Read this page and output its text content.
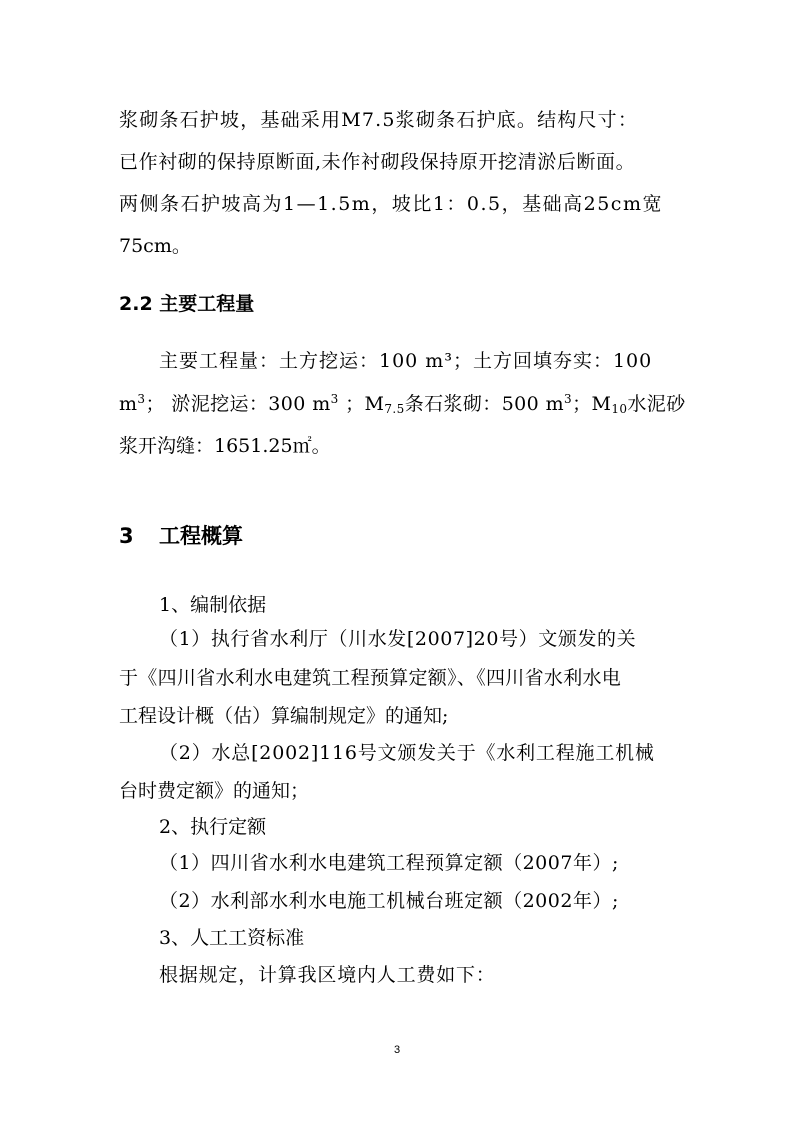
浆砌条石护坡，基础采用M7.5浆砌条石护底。结构尺寸：
已作衬砌的保持原断面,未作衬砌段保持原开挖清淤后断面。
两侧条石护坡高为1—1.5m，坡比1：0.5，基础高25cm宽
75cm。
2.2 主要工程量
主要工程量：土方挖运：100 m³；土方回填夯实：100
$m^3$； 淤泥挖运：300 $m^3$ ；$M_{7.5}$条石浆砌：500 $m^3$；$M_{10}$水泥砂
浆开沟缝：1651.25㎡。
3 工程概算
1、编制依据
（1）执行省水利厅（川水发[2007]20号）文颁发的关
于《四川省水利水电建筑工程预算定额》、《四川省水利水电
工程设计概（估）算编制规定》的通知;
（2）水总[2002]116号文颁发关于《水利工程施工机械
台时费定额》的通知；
2、执行定额
（1）四川省水利水电建筑工程预算定额（2007年）;
（2）水利部水利水电施工机械台班定额（2002年）;
3、人工工资标准
根据规定，计算我区境内人工费如下：
3
